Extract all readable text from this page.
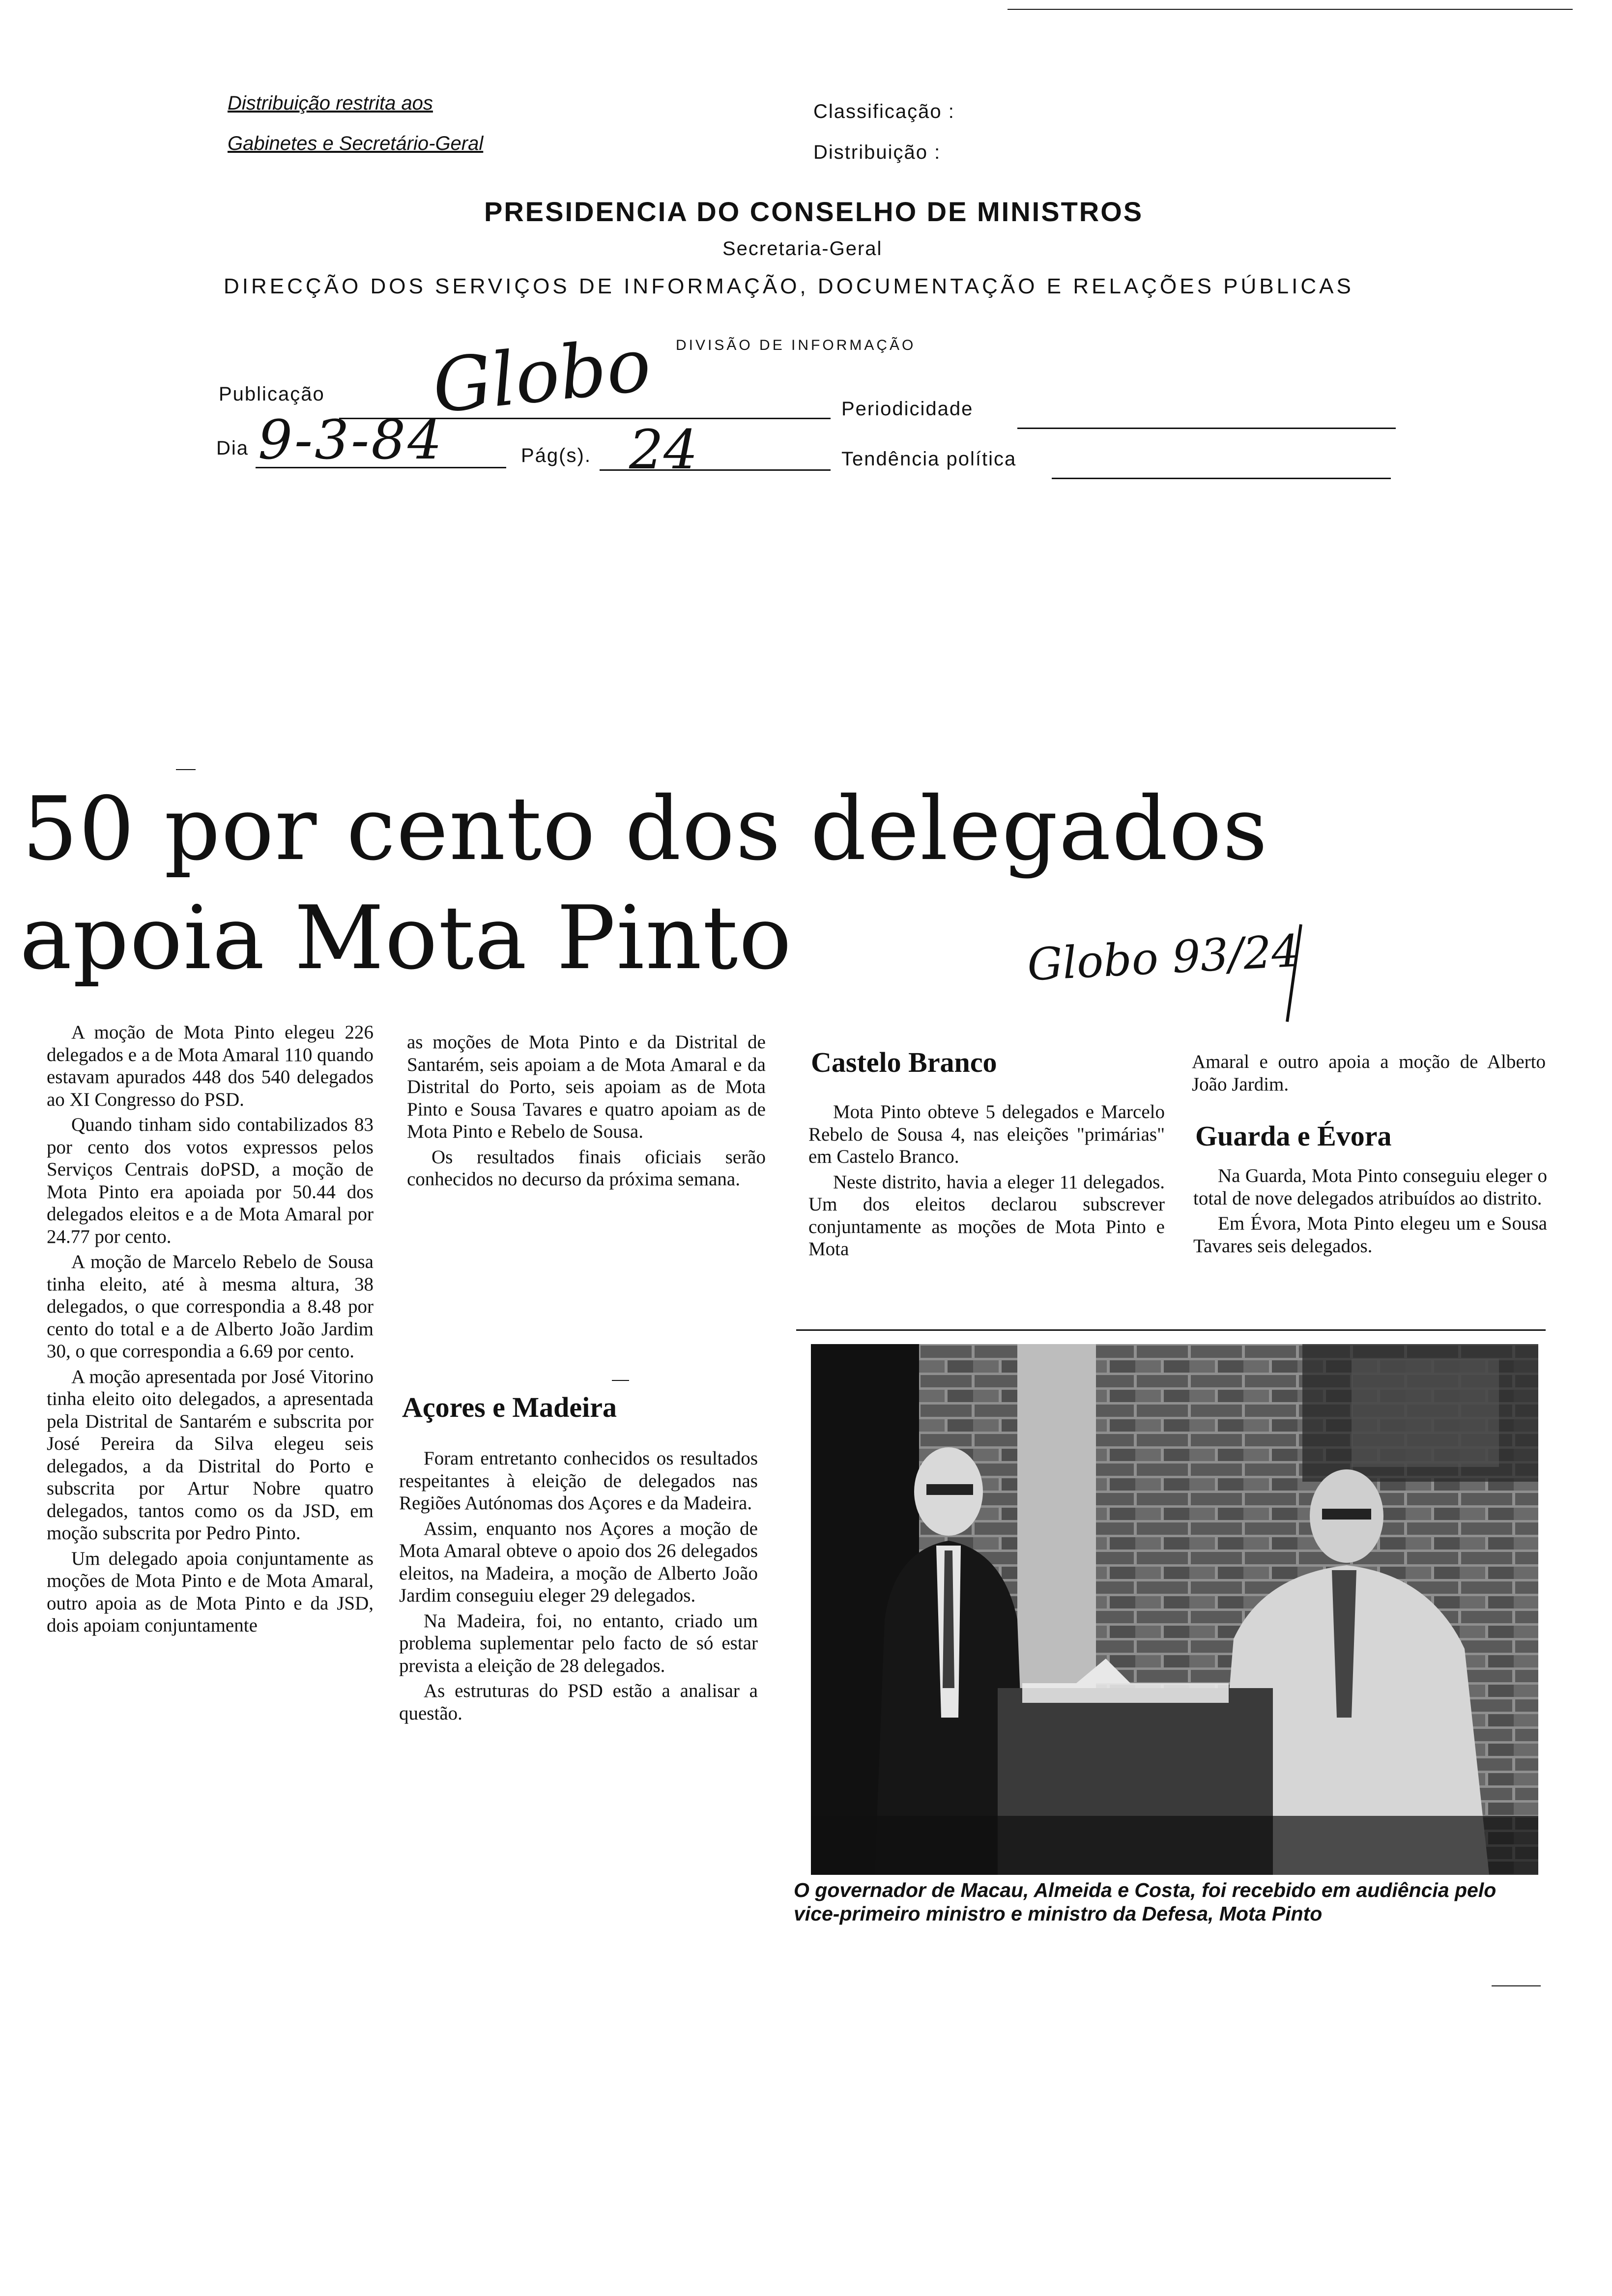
Distribuição restrita aos
Gabinetes e Secretário-Geral
Classificação :
Distribuição :
PRESIDENCIA DO CONSELHO DE MINISTROS
Secretaria-Geral
DIRECÇÃO DOS SERVIÇOS DE INFORMAÇÃO, DOCUMENTAÇÃO E RELAÇÕES PÚBLICAS
DIVISÃO DE INFORMAÇÃO
Publicação Globo	Periodicidade
Dia 9-3-84	Pág(s). 24	Tendência política
50 por cento dos delegados
apoia Mota Pinto	Globo 93/24

A moção de Mota Pinto elegeu 226 delegados e a de Mota Amaral 110 quando estavam apurados 448 dos 540 delegados ao XI Congresso do PSD.

Quando tinham sido contabilizados 83 por cento dos votos expressos pelos Serviços Centrais doPSD, a moção de Mota Pinto era apoiada por 50.44 dos delegados eleitos e a de Mota Amaral por 24.77 por cento.

A moção de Marcelo Rebelo de Sousa tinha eleito, até à mesma altura, 38 delegados, o que correspondia a 8.48 por cento do total e a de Alberto João Jardim 30, o que correspondia a 6.69 por cento.

A moção apresentada por José Vitorino tinha eleito oito delegados, a apresentada pela Distrital de Santarém e subscrita por José Pereira da Silva elegeu seis delegados, a da Distrital do Porto e subscrita por Artur Nobre quatro delegados, tantos como os da JSD, em moção subscrita por Pedro Pinto.

Um delegado apoia conjuntamente as moções de Mota Pinto e de Mota Amaral, outro apoia as de Mota Pinto e da JSD, dois apoiam conjuntamente

as moções de Mota Pinto e da Distrital de Santarém, seis apoiam a de Mota Amaral e da Distrital do Porto, seis apoiam as de Mota Pinto e Sousa Tavares e quatro apoiam as de Mota Pinto e Rebelo de Sousa.

Os resultados finais oficiais serão conhecidos no decurso da próxima semana.

Açores e Madeira

Foram entretanto conhecidos os resultados respeitantes à eleição de delegados nas Regiões Autónomas dos Açores e da Madeira.

Assim, enquanto nos Açores a moção de Mota Amaral obteve o apoio dos 26 delegados eleitos, na Madeira, a moção de Alberto João Jardim conseguiu eleger 29 delegados.

Na Madeira, foi, no entanto, criado um problema suplementar pelo facto de só estar prevista a eleição de 28 delegados.

As estruturas do PSD estão a analisar a questão.

Castelo Branco

Mota Pinto obteve 5 delegados e Marcelo Rebelo de Sousa 4, nas eleições "primárias" em Castelo Branco.

Neste distrito, havia a eleger 11 delegados. Um dos eleitos declarou subscrever conjuntamente as moções de Mota Pinto e Mota

Amaral e outro apoia a moção de Alberto João Jardim.

Guarda e Évora

Na Guarda, Mota Pinto conseguiu eleger o total de nove delegados atribuídos ao distrito.

Em Évora, Mota Pinto elegeu um e Sousa Tavares seis delegados.

O governador de Macau, Almeida e Costa, foi recebido em audiência pelo vice-primeiro ministro e ministro da Defesa, Mota Pinto
